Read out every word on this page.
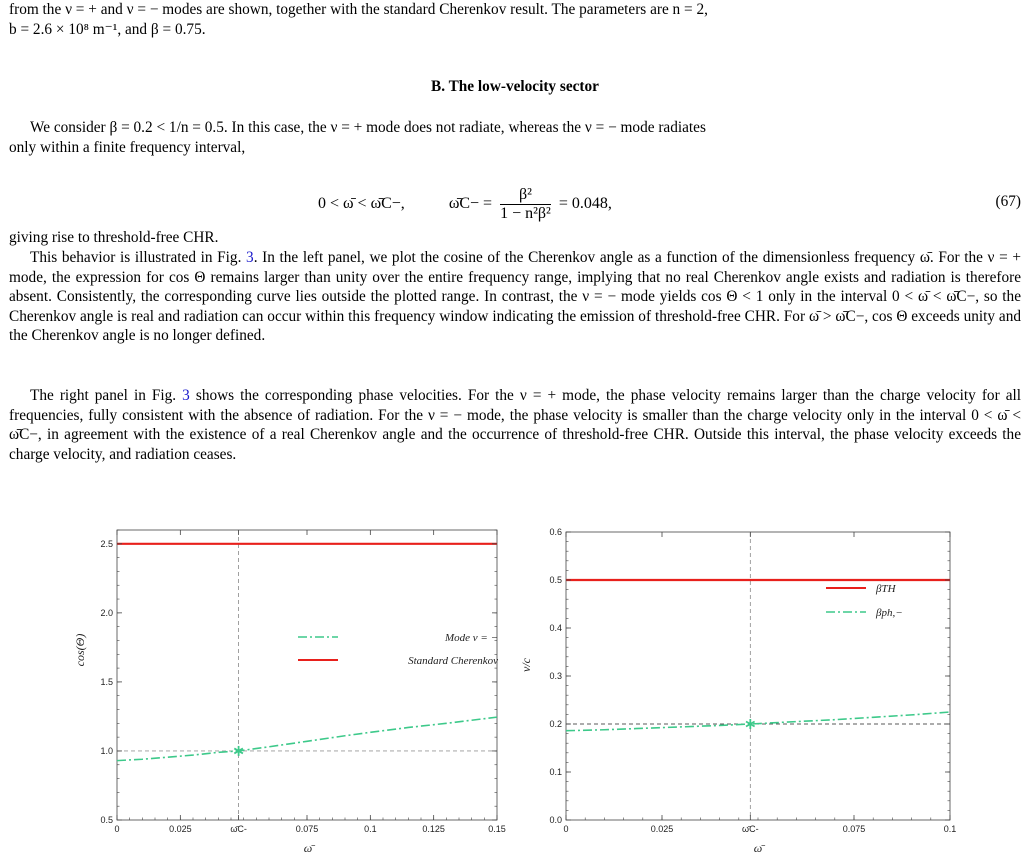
from the ν = + and ν = − modes are shown, together with the standard Cherenkov result. The parameters are n = 2,

b = 2.6 × 10⁸ m⁻¹, and β = 0.75.

B. The low-velocity sector

We consider β = 0.2 < 1/n = 0.5. In this case, the ν = + mode does not radiate, whereas the ν = − mode radiates

only within a finite frequency interval,

0 < ω̄ < ω̄C−,	ω̄C− = $\frac{\text{β²}}{\text{1 − n²β²}} = 0.048$,	(67)

giving rise to threshold-free CHR.

This behavior is illustrated in Fig. 3. In the left panel, we plot the cosine of the Cherenkov angle as a function of the dimensionless frequency ω̄. For the ν = + mode, the expression for cos Θ remains larger than unity over the entire frequency range, implying that no real Cherenkov angle exists and radiation is therefore absent. Consistently, the corresponding curve lies outside the plotted range. In contrast, the ν = − mode yields cos Θ < 1 only in the interval 0 < ω̄ < ω̄C−, so the Cherenkov angle is real and radiation can occur within this frequency window indicating the emission of threshold-free CHR. For ω̄ > ω̄C−, cos Θ exceeds unity and the Cherenkov angle is no longer defined.

The right panel in Fig. 3 shows the corresponding phase velocities. For the ν = + mode, the phase velocity remains larger than the charge velocity for all frequencies, fully consistent with the absence of radiation. For the ν = − mode, the phase velocity is smaller than the charge velocity only in the interval 0 < ω̄ < ω̄C−, in agreement with the existence of a real Cherenkov angle and the occurrence of threshold-free CHR. Outside this interval, the phase velocity exceeds the charge velocity, and radiation ceases.

0	0.025	ω̄C-	0.075	0.1	0.125	0.15
0.5
1.0
1.5
2.0
2.5
cos(Θ)
ω̄
Mode ν = −
Standard Cherenkov
0	0.025	ω̄C-	0.075	0.1
0.0
0.1
0.2
0.3
0.4
0.5
0.6
v/c
ω̄
βTH
βph,−
